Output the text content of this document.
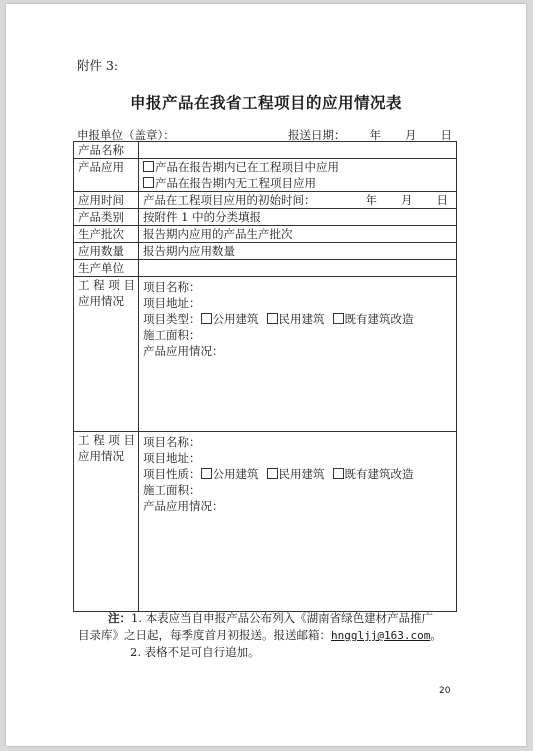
附件 3:
申报产品在我省工程项目的应用情况表
申报单位（盖章）：	报送日期： 年 月 日
产品名称	
产品应用	产品在报告期内已在工程项目中应用
产品在报告期内无工程项目应用

应用时间	产品在工程项目应用的初始时间： 年 月 日
产品类别	按附件 1 中的分类填报
生产批次	报告期内应用的产品生产批次
应用数量	报告期内应用数量
生产单位	

工 程 项 目
应用情况	项目名称：
项目地址：
项目类型： 公用建筑 民用建筑 既有建筑改造
施工面积：
产品应用情况：

工 程 项 目
应用情况	项目名称：
项目地址：
项目性质： 公用建筑 民用建筑 既有建筑改造
施工面积：
产品应用情况：
注：1. 本表应当自申报产品公布列入《湖南省绿色建材产品推广
目录库》之日起，每季度首月初报送。报送邮箱：hnggljj@163.com。
2. 表格不足可自行追加。
20
